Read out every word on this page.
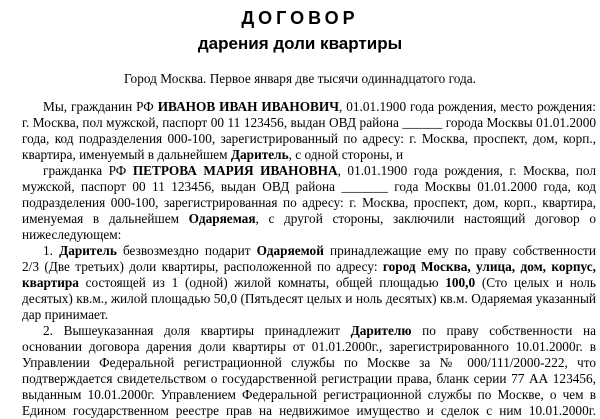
ДОГОВОР
дарения доли квартиры
Город Москва. Первое января две тысячи одиннадцатого года.
Мы, гражданин РФ ИВАНОВ ИВАН ИВАНОВИЧ, 01.01.1900 года рождения, место рождения:
г. Москва, пол мужской, паспорт 00 11 123456, выдан ОВД района ______ города Москвы 01.01.2000
года, код подразделения 000-100, зарегистрированный по адресу: г. Москва, проспект, дом, корп.,
квартира, именуемый в дальнейшем Даритель, с одной стороны, и
гражданка РФ ПЕТРОВА МАРИЯ ИВАНОВНА, 01.01.1900 года рождения, г. Москва, пол
мужской, паспорт 00 11 123456, выдан ОВД района _______ года Москвы 01.01.2000 года, код
подразделения 000-100, зарегистрированная по адресу: г. Москва, проспект, дом, корп., квартира,
именуемая в дальнейшем Одаряемая, с другой стороны, заключили настоящий договор о
нижеследующем:
1. Даритель безвозмездно подарит Одаряемой принадлежащие ему по праву собственности
2/3 (Две третьих) доли квартиры, расположенной по адресу: город Москва, улица, дом, корпус,
квартира состоящей из 1 (одной) жилой комнаты, общей площадью 100,0 (Сто целых и ноль
десятых) кв.м., жилой площадью 50,0 (Пятьдесят целых и ноль десятых) кв.м. Одаряемая указанный
дар принимает.
2. Вышеуказанная доля квартиры принадлежит Дарителю по праву собственности на
основании договора дарения доли квартиры от 01.01.2000г., зарегистрированного 10.01.2000г. в
Управлении Федеральной регистрационной службы по Москве за № 000/111/2000-222, что
подтверждается свидетельством о государственной регистрации права, бланк серии 77 АА 123456,
выданным 10.01.2000г. Управлением Федеральной регистрационной службы по Москве, о чем в
Едином государственном реестре прав на недвижимое имущество и сделок с ним 10.01.2000г.
